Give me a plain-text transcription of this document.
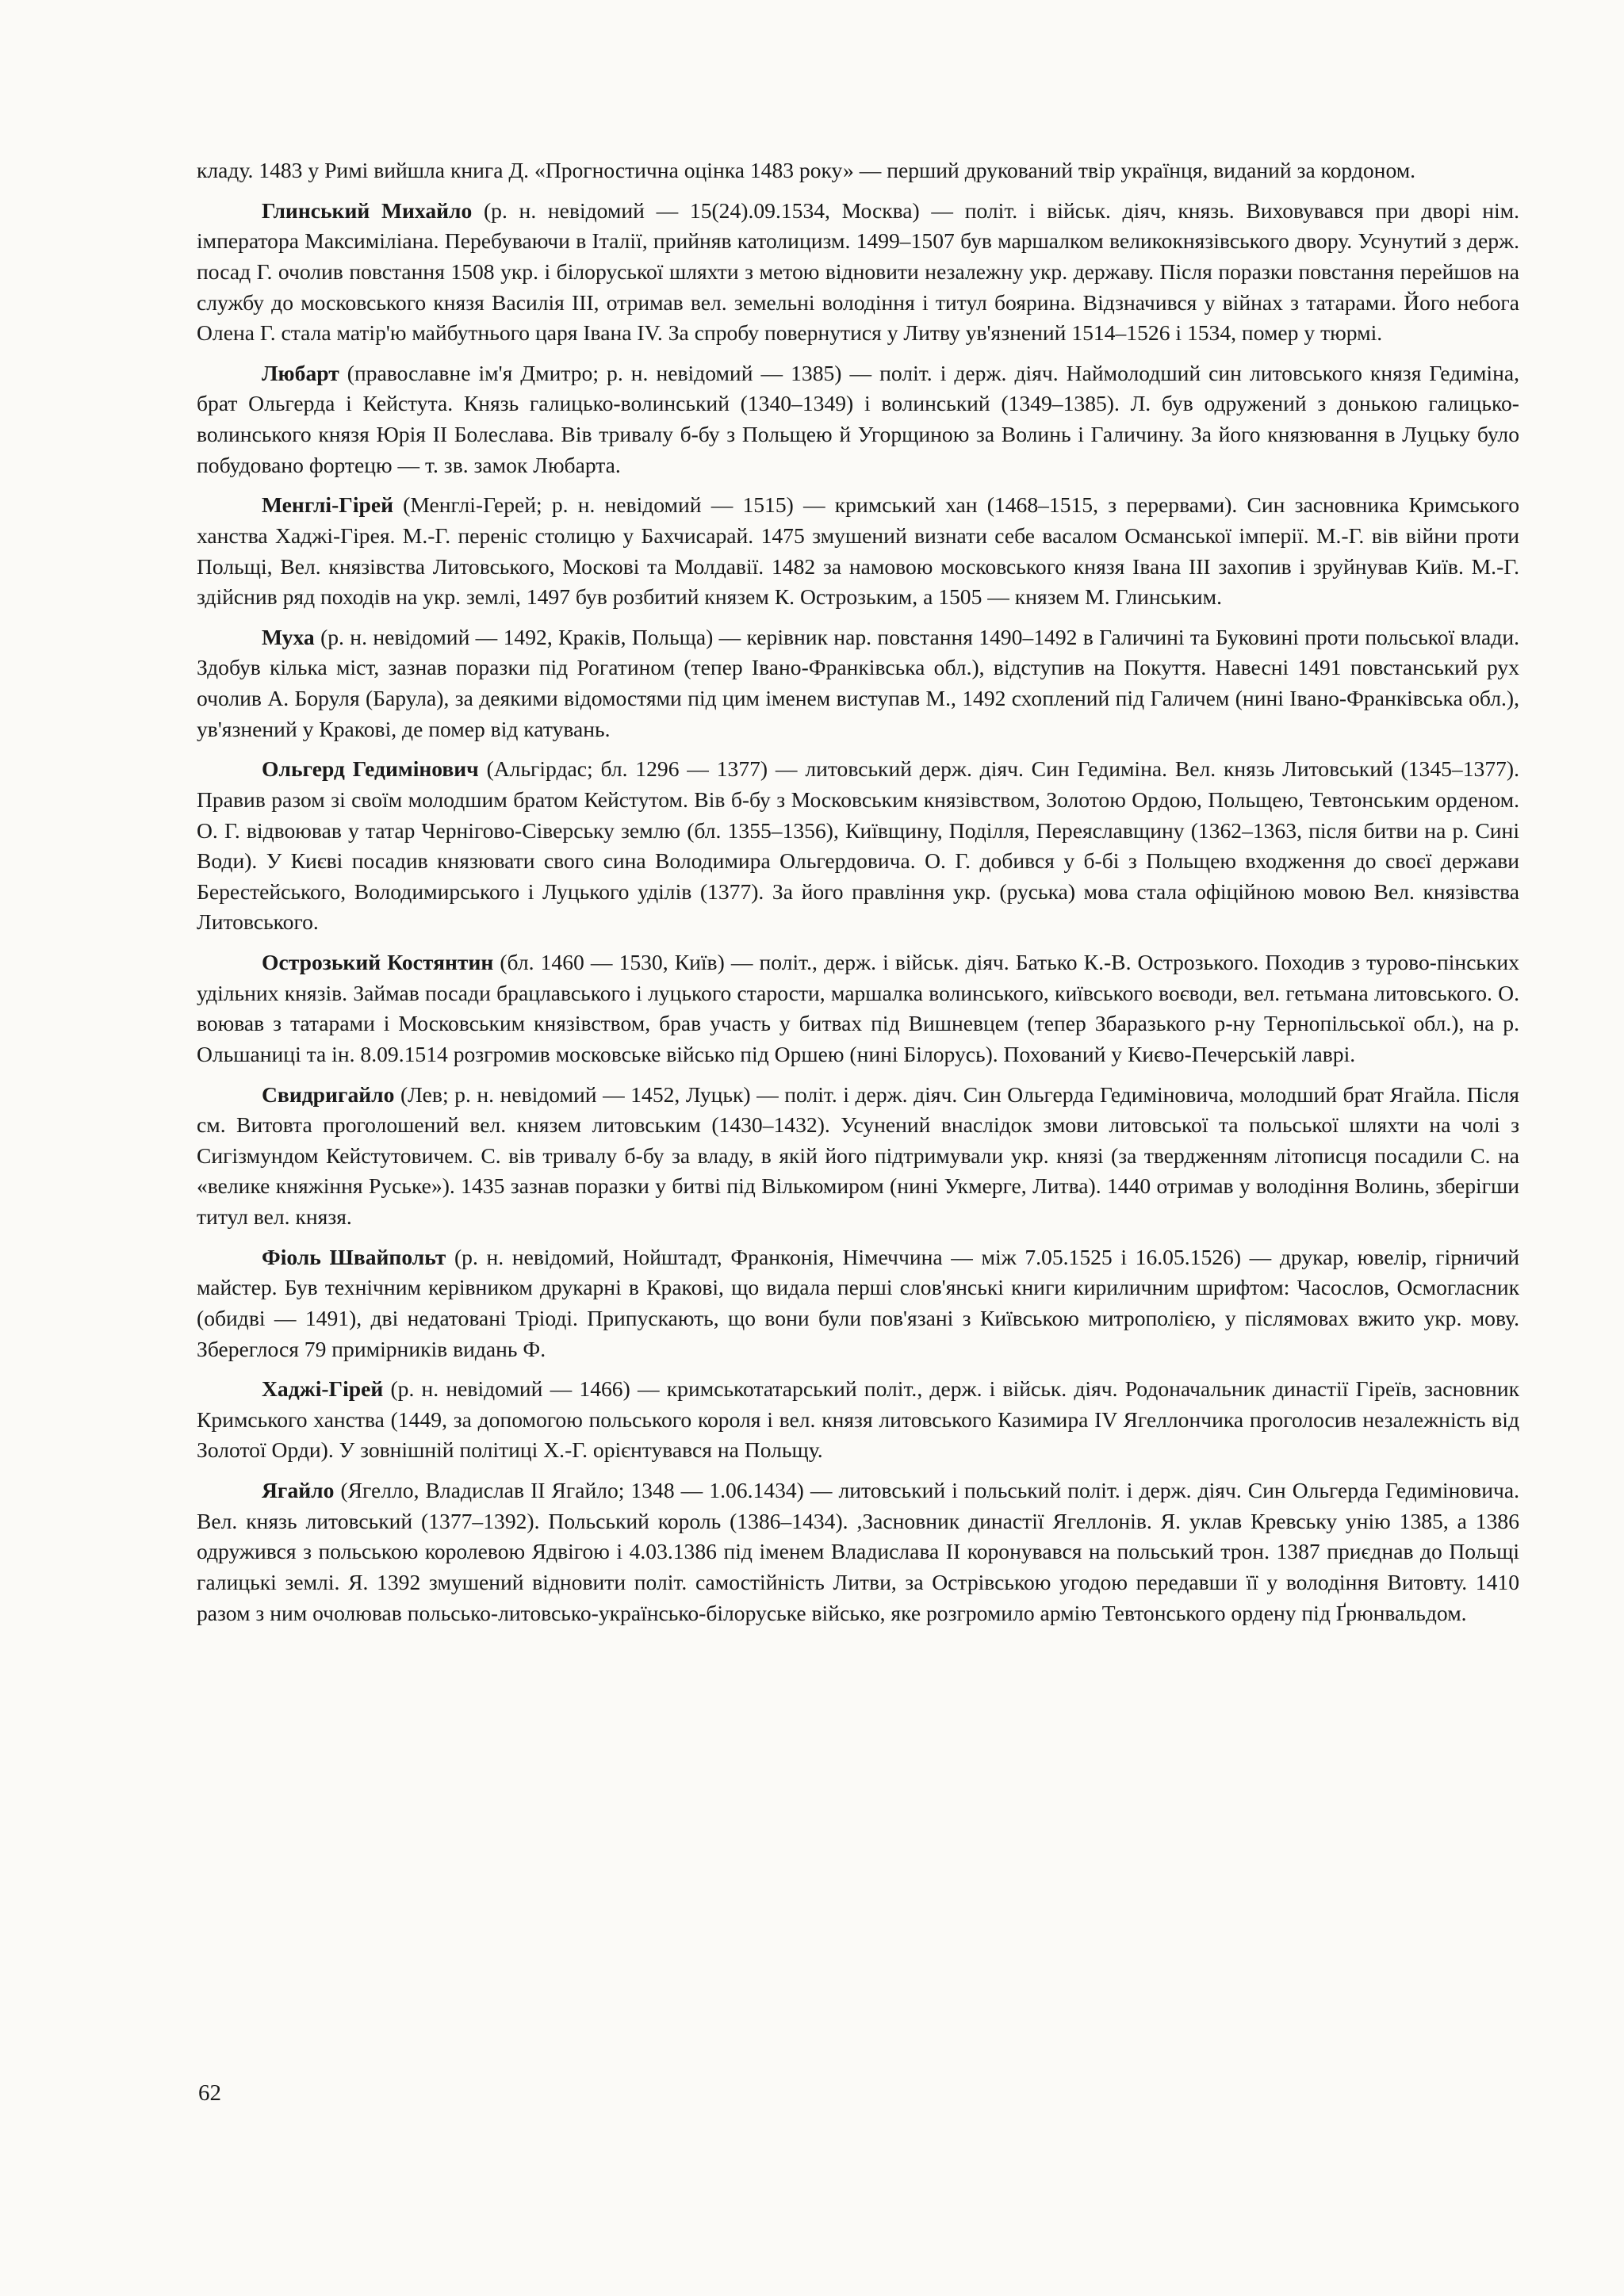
кладу. 1483 у Римі вийшла книга Д. «Прогностична оцінка 1483 року» — перший друкований твір українця, виданий за кордоном.

Глинський Михайло (р. н. невідомий — 15(24).09.1534, Москва) — політ. і військ. діяч, князь. Виховувався при дворі нім. імператора Максиміліана. Перебуваючи в Італії, прийняв католицизм. 1499–1507 був маршалком великокнязівського двору. Усунутий з держ. посад Г. очолив повстання 1508 укр. і білоруської шляхти з метою відновити незалежну укр. державу. Після поразки повстання перейшов на службу до московського князя Василія III, отримав вел. земельні володіння і титул боярина. Відзначився у війнах з татарами. Його небога Олена Г. стала матір'ю майбутнього царя Івана IV. За спробу повернутися у Литву ув'язнений 1514–1526 і 1534, помер у тюрмі.

Любарт (православне ім'я Дмитро; р. н. невідомий — 1385) — політ. і держ. діяч. Наймолодший син литовського князя Гедиміна, брат Ольгерда і Кейстута. Князь галицько-волинський (1340–1349) і волинський (1349–1385). Л. був одружений з донькою галицько-волинського князя Юрія II Болеслава. Вів тривалу б-бу з Польщею й Угорщиною за Волинь і Галичину. За його князювання в Луцьку було побудовано фортецю — т. зв. замок Любарта.

Менглі-Гірей (Менглі-Герей; р. н. невідомий — 1515) — кримський хан (1468–1515, з перервами). Син засновника Кримського ханства Хаджі-Гірея. М.-Г. переніс столицю у Бахчисарай. 1475 змушений визнати себе васалом Османської імперії. М.-Г. вів війни проти Польщі, Вел. князівства Литовського, Москові та Молдавії. 1482 за намовою московського князя Івана III захопив і зруйнував Київ. М.-Г. здійснив ряд походів на укр. землі, 1497 був розбитий князем К. Острозьким, а 1505 — князем М. Глинським.

Муха (р. н. невідомий — 1492, Краків, Польща) — керівник нар. повстання 1490–1492 в Галичині та Буковині проти польської влади. Здобув кілька міст, зазнав поразки під Рогатином (тепер Івано-Франківська обл.), відступив на Покуття. Навесні 1491 повстанський рух очолив А. Боруля (Барула), за деякими відомостями під цим іменем виступав М., 1492 схоплений під Галичем (нині Івано-Франківська обл.), ув'язнений у Кракові, де помер від катувань.

Ольгерд Гедимінович (Альгірдас; бл. 1296 — 1377) — литовський держ. діяч. Син Гедиміна. Вел. князь Литовський (1345–1377). Правив разом зі своїм молодшим братом Кейстутом. Вів б-бу з Московським князівством, Золотою Ордою, Польщею, Тевтонським орденом. О. Г. відвоював у татар Чернігово-Сіверську землю (бл. 1355–1356), Київщину, Поділля, Переяславщину (1362–1363, після битви на р. Сині Води). У Києві посадив князювати свого сина Володимира Ольгердовича. О. Г. добився у б-бі з Польщею входження до своєї держави Берестейського, Володимирського і Луцького уділів (1377). За його правління укр. (руська) мова стала офіційною мовою Вел. князівства Литовського.

Острозький Костянтин (бл. 1460 — 1530, Київ) — політ., держ. і військ. діяч. Батько К.-В. Острозького. Походив з турово-пінських удільних князів. Займав посади брацлавського і луцького старости, маршалка волинського, київського воєводи, вел. гетьмана литовського. О. воював з татарами і Московським князівством, брав участь у битвах під Вишневцем (тепер Збаразького р-ну Тернопільської обл.), на р. Ольшаниці та ін. 8.09.1514 розгромив московське військо під Оршею (нині Білорусь). Похований у Києво-Печерській лаврі.

Свидригайло (Лев; р. н. невідомий — 1452, Луцьк) — політ. і держ. діяч. Син Ольгерда Гедиміновича, молодший брат Ягайла. Після см. Витовта проголошений вел. князем литовським (1430–1432). Усунений внаслідок змови литовської та польської шляхти на чолі з Сигізмундом Кейстутовичем. С. вів тривалу б-бу за владу, в якій його підтримували укр. князі (за твердженням літописця посадили С. на «велике княжіння Руське»). 1435 зазнав поразки у битві під Вількомиром (нині Укмерге, Литва). 1440 отримав у володіння Волинь, зберігши титул вел. князя.

Фіоль Швайпольт (р. н. невідомий, Нойштадт, Франконія, Німеччина — між 7.05.1525 і 16.05.1526) — друкар, ювелір, гірничий майстер. Був технічним керівником друкарні в Кракові, що видала перші слов'янські книги кириличним шрифтом: Часослов, Осмогласник (обидві — 1491), дві недатовані Тріоді. Припускають, що вони були пов'язані з Київською митрополією, у післямовах вжито укр. мову. Збереглося 79 примірників видань Ф.

Хаджі-Гірей (р. н. невідомий — 1466) — кримськотатарський політ., держ. і військ. діяч. Родоначальник династії Гіреїв, засновник Кримського ханства (1449, за допомогою польського короля і вел. князя литовського Казимира IV Ягеллончика проголосив незалежність від Золотої Орди). У зовнішній політиці Х.-Г. орієнтувався на Польщу.

Ягайло (Ягелло, Владислав II Ягайло; 1348 — 1.06.1434) — литовський і польський політ. і держ. діяч. Син Ольгерда Гедиміновича. Вел. князь литовський (1377–1392). Польський король (1386–1434). ,Засновник династії Ягеллонів. Я. уклав Кревську унію 1385, а 1386 одружився з польською королевою Ядвігою і 4.03.1386 під іменем Владислава II коронувався на польський трон. 1387 приєднав до Польщі галицькі землі. Я. 1392 змушений відновити політ. самостійність Литви, за Острівською угодою передавши її у володіння Витовту. 1410 разом з ним очолював польсько-литовсько-українсько-білоруське військо, яке розгромило армію Тевтонського ордену під Ґрюнвальдом.

62
